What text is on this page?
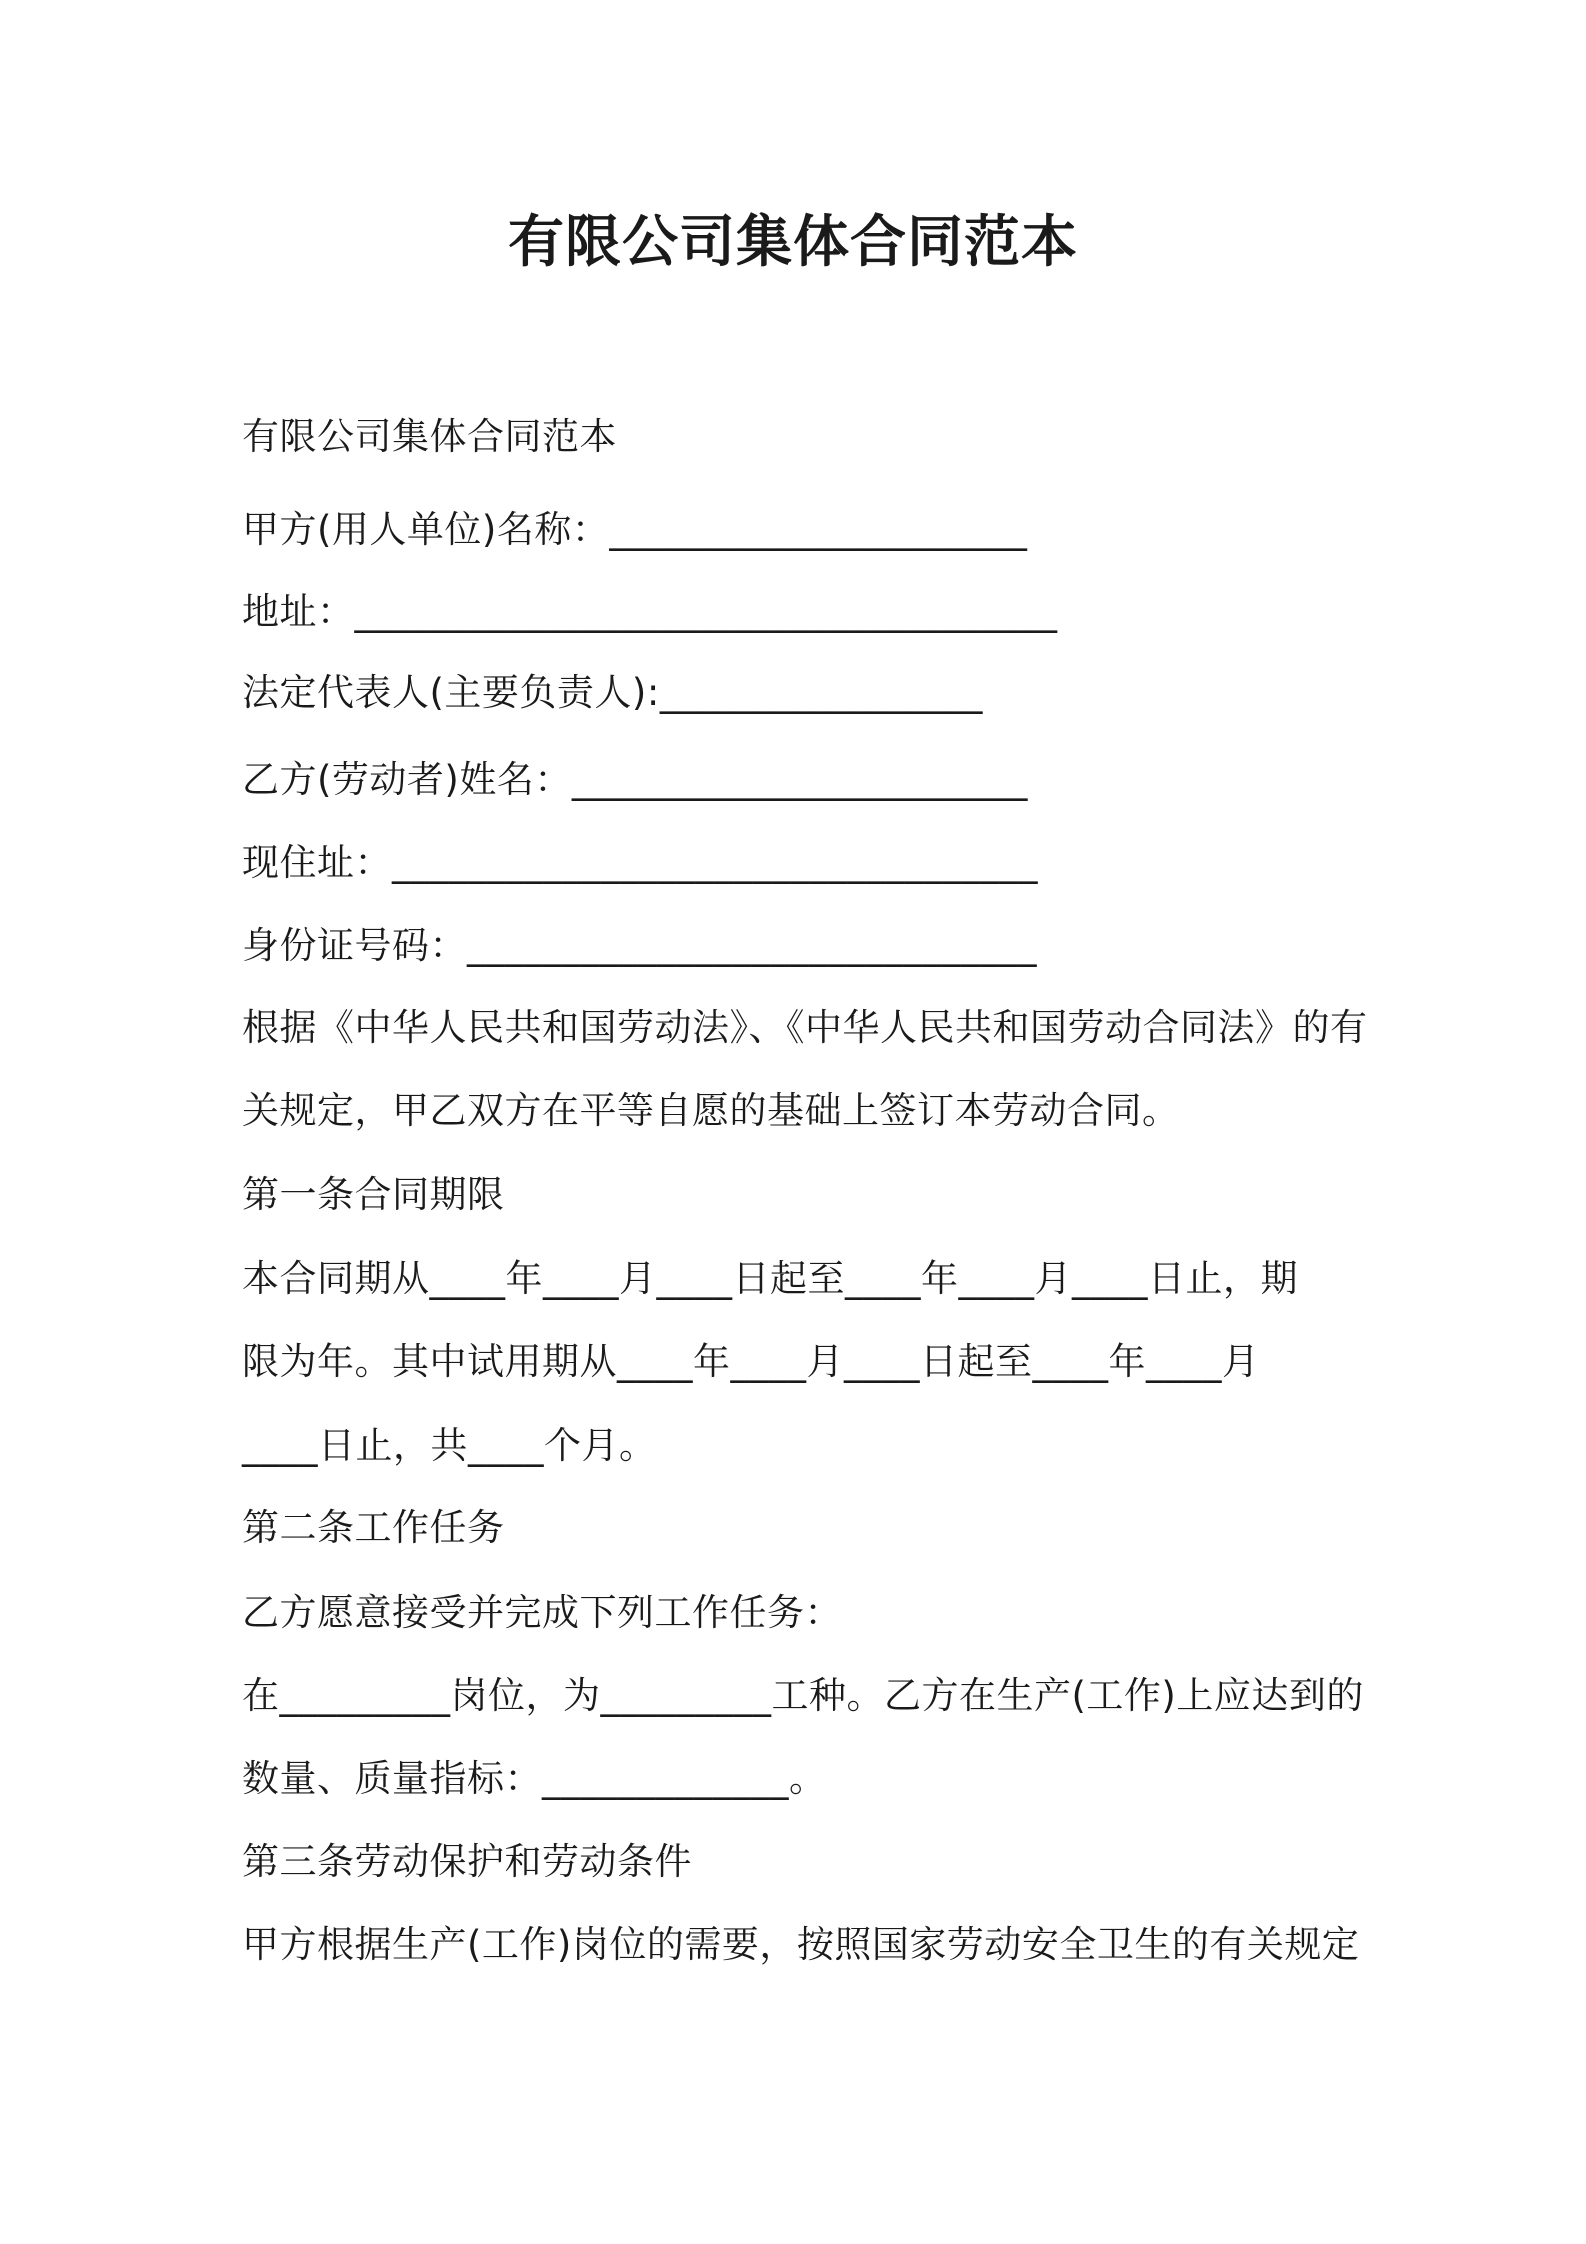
有限公司集体合同范本
有限公司集体合同范本
甲方(用人单位)名称：______________________
地址：_____________________________________
法定代表人(主要负责人):_________________
乙方(劳动者)姓名：________________________
现住址：__________________________________
身份证号码：______________________________
根据《中华人民共和国劳动法》、《中华人民共和国劳动合同法》的有
关规定，甲乙双方在平等自愿的基础上签订本劳动合同。
第一条合同期限
本合同期从____年____月____日起至____年____月____日止，期
限为年。其中试用期从____年____月____日起至____年____月
____日止，共____个月。
第二条工作任务
乙方愿意接受并完成下列工作任务：
在_________岗位，为_________工种。乙方在生产(工作)上应达到的
数量、质量指标：_____________。
第三条劳动保护和劳动条件
甲方根据生产(工作)岗位的需要，按照国家劳动安全卫生的有关规定
